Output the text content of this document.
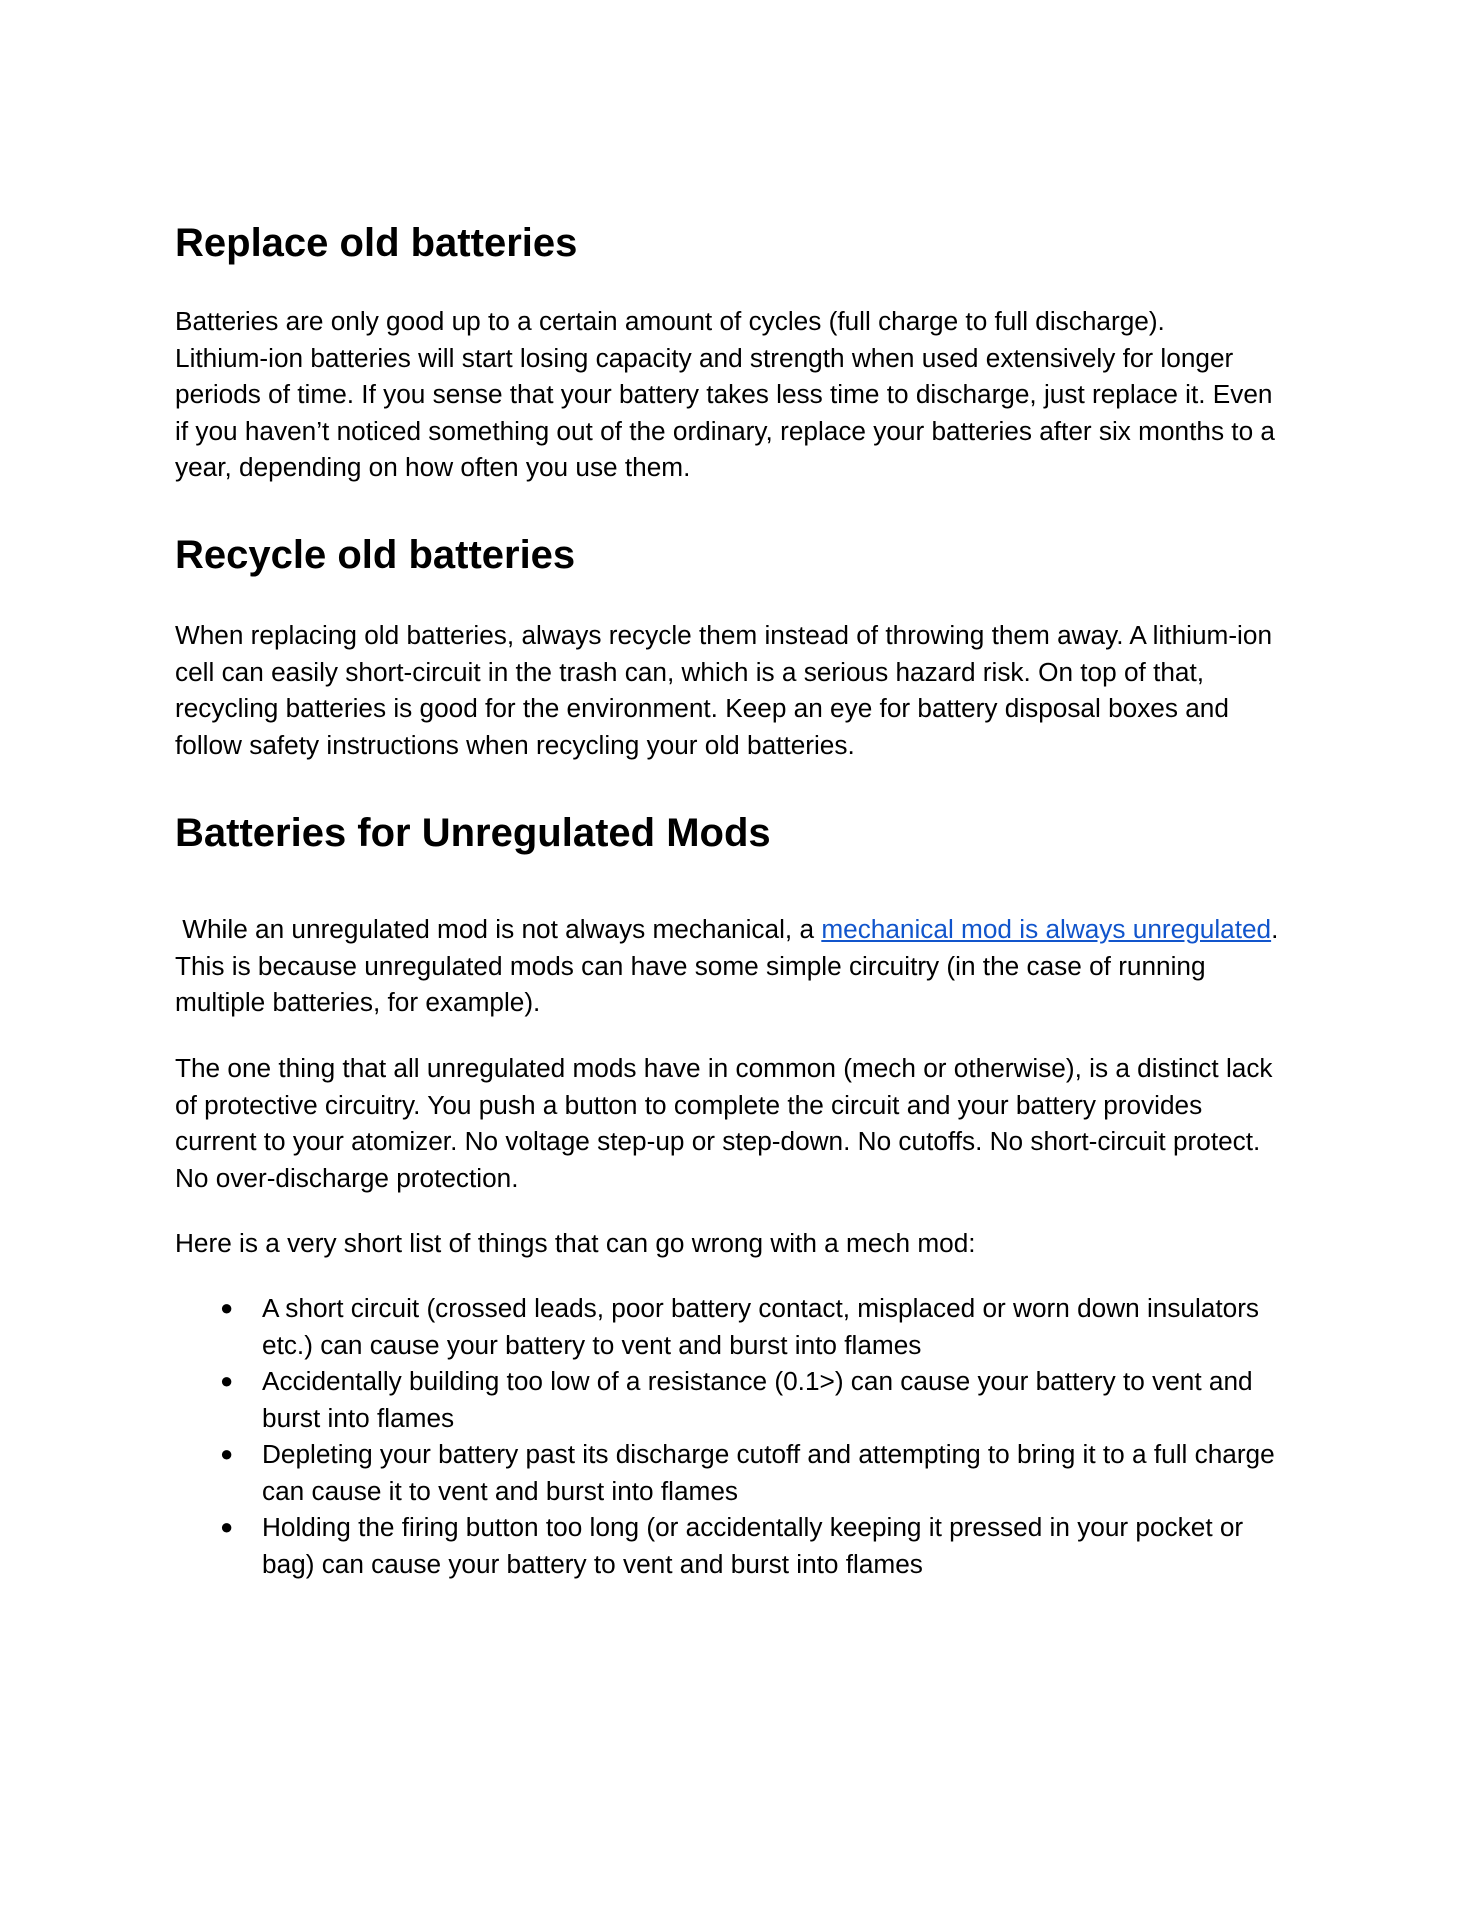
Replace old batteries

Batteries are only good up to a certain amount of cycles (full charge to full discharge).
Lithium-ion batteries will start losing capacity and strength when used extensively for longer
periods of time. If you sense that your battery takes less time to discharge, just replace it. Even
if you haven’t noticed something out of the ordinary, replace your batteries after six months to a
year, depending on how often you use them.

Recycle old batteries

When replacing old batteries, always recycle them instead of throwing them away. A lithium-ion
cell can easily short-circuit in the trash can, which is a serious hazard risk. On top of that,
recycling batteries is good for the environment. Keep an eye for battery disposal boxes and
follow safety instructions when recycling your old batteries.

Batteries for Unregulated Mods

While an unregulated mod is not always mechanical, a mechanical mod is always unregulated.
This is because unregulated mods can have some simple circuitry (in the case of running
multiple batteries, for example).

The one thing that all unregulated mods have in common (mech or otherwise), is a distinct lack
of protective circuitry. You push a button to complete the circuit and your battery provides
current to your atomizer. No voltage step-up or step-down. No cutoffs. No short-circuit protect.
No over-discharge protection.

Here is a very short list of things that can go wrong with a mech mod:

● A short circuit (crossed leads, poor battery contact, misplaced or worn down insulators
etc.) can cause your battery to vent and burst into flames
● Accidentally building too low of a resistance (0.1>) can cause your battery to vent and
burst into flames
● Depleting your battery past its discharge cutoff and attempting to bring it to a full charge
can cause it to vent and burst into flames
● Holding the firing button too long (or accidentally keeping it pressed in your pocket or
bag) can cause your battery to vent and burst into flames
